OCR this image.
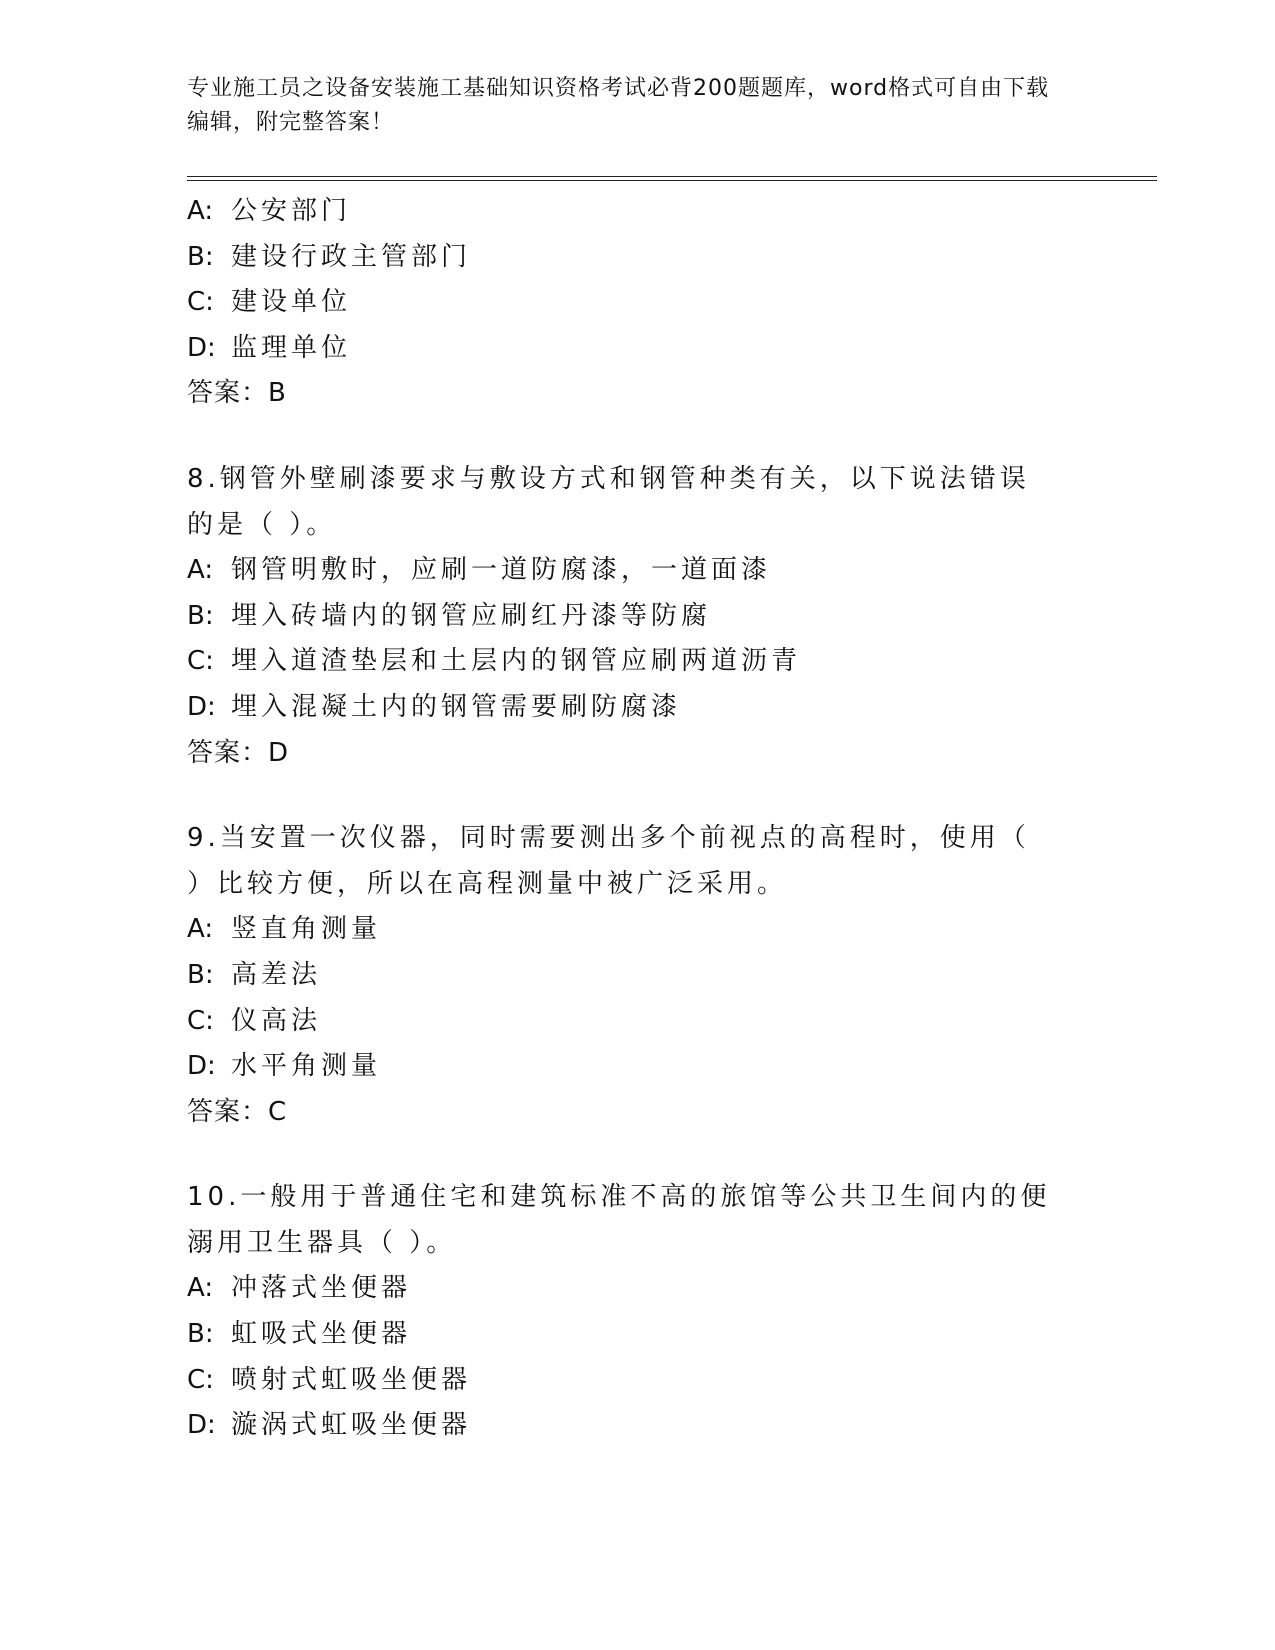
专业施工员之设备安装施工基础知识资格考试必背200题题库，word格式可自由下载编辑，附完整答案！
A: 公安部门
B: 建设行政主管部门
C: 建设单位
D: 监理单位
答案：B
8.钢管外壁刷漆要求与敷设方式和钢管种类有关，以下说法错误的是（ ）。
A: 钢管明敷时，应刷一道防腐漆，一道面漆
B: 埋入砖墙内的钢管应刷红丹漆等防腐
C: 埋入道渣垫层和土层内的钢管应刷两道沥青
D: 埋入混凝土内的钢管需要刷防腐漆
答案：D
9.当安置一次仪器，同时需要测出多个前视点的高程时，使用（ ）比较方便，所以在高程测量中被广泛采用。
A: 竖直角测量
B: 高差法
C: 仪高法
D: 水平角测量
答案：C
10.一般用于普通住宅和建筑标准不高的旅馆等公共卫生间内的便溺用卫生器具（ ）。
A: 冲落式坐便器
B: 虹吸式坐便器
C: 喷射式虹吸坐便器
D: 漩涡式虹吸坐便器
